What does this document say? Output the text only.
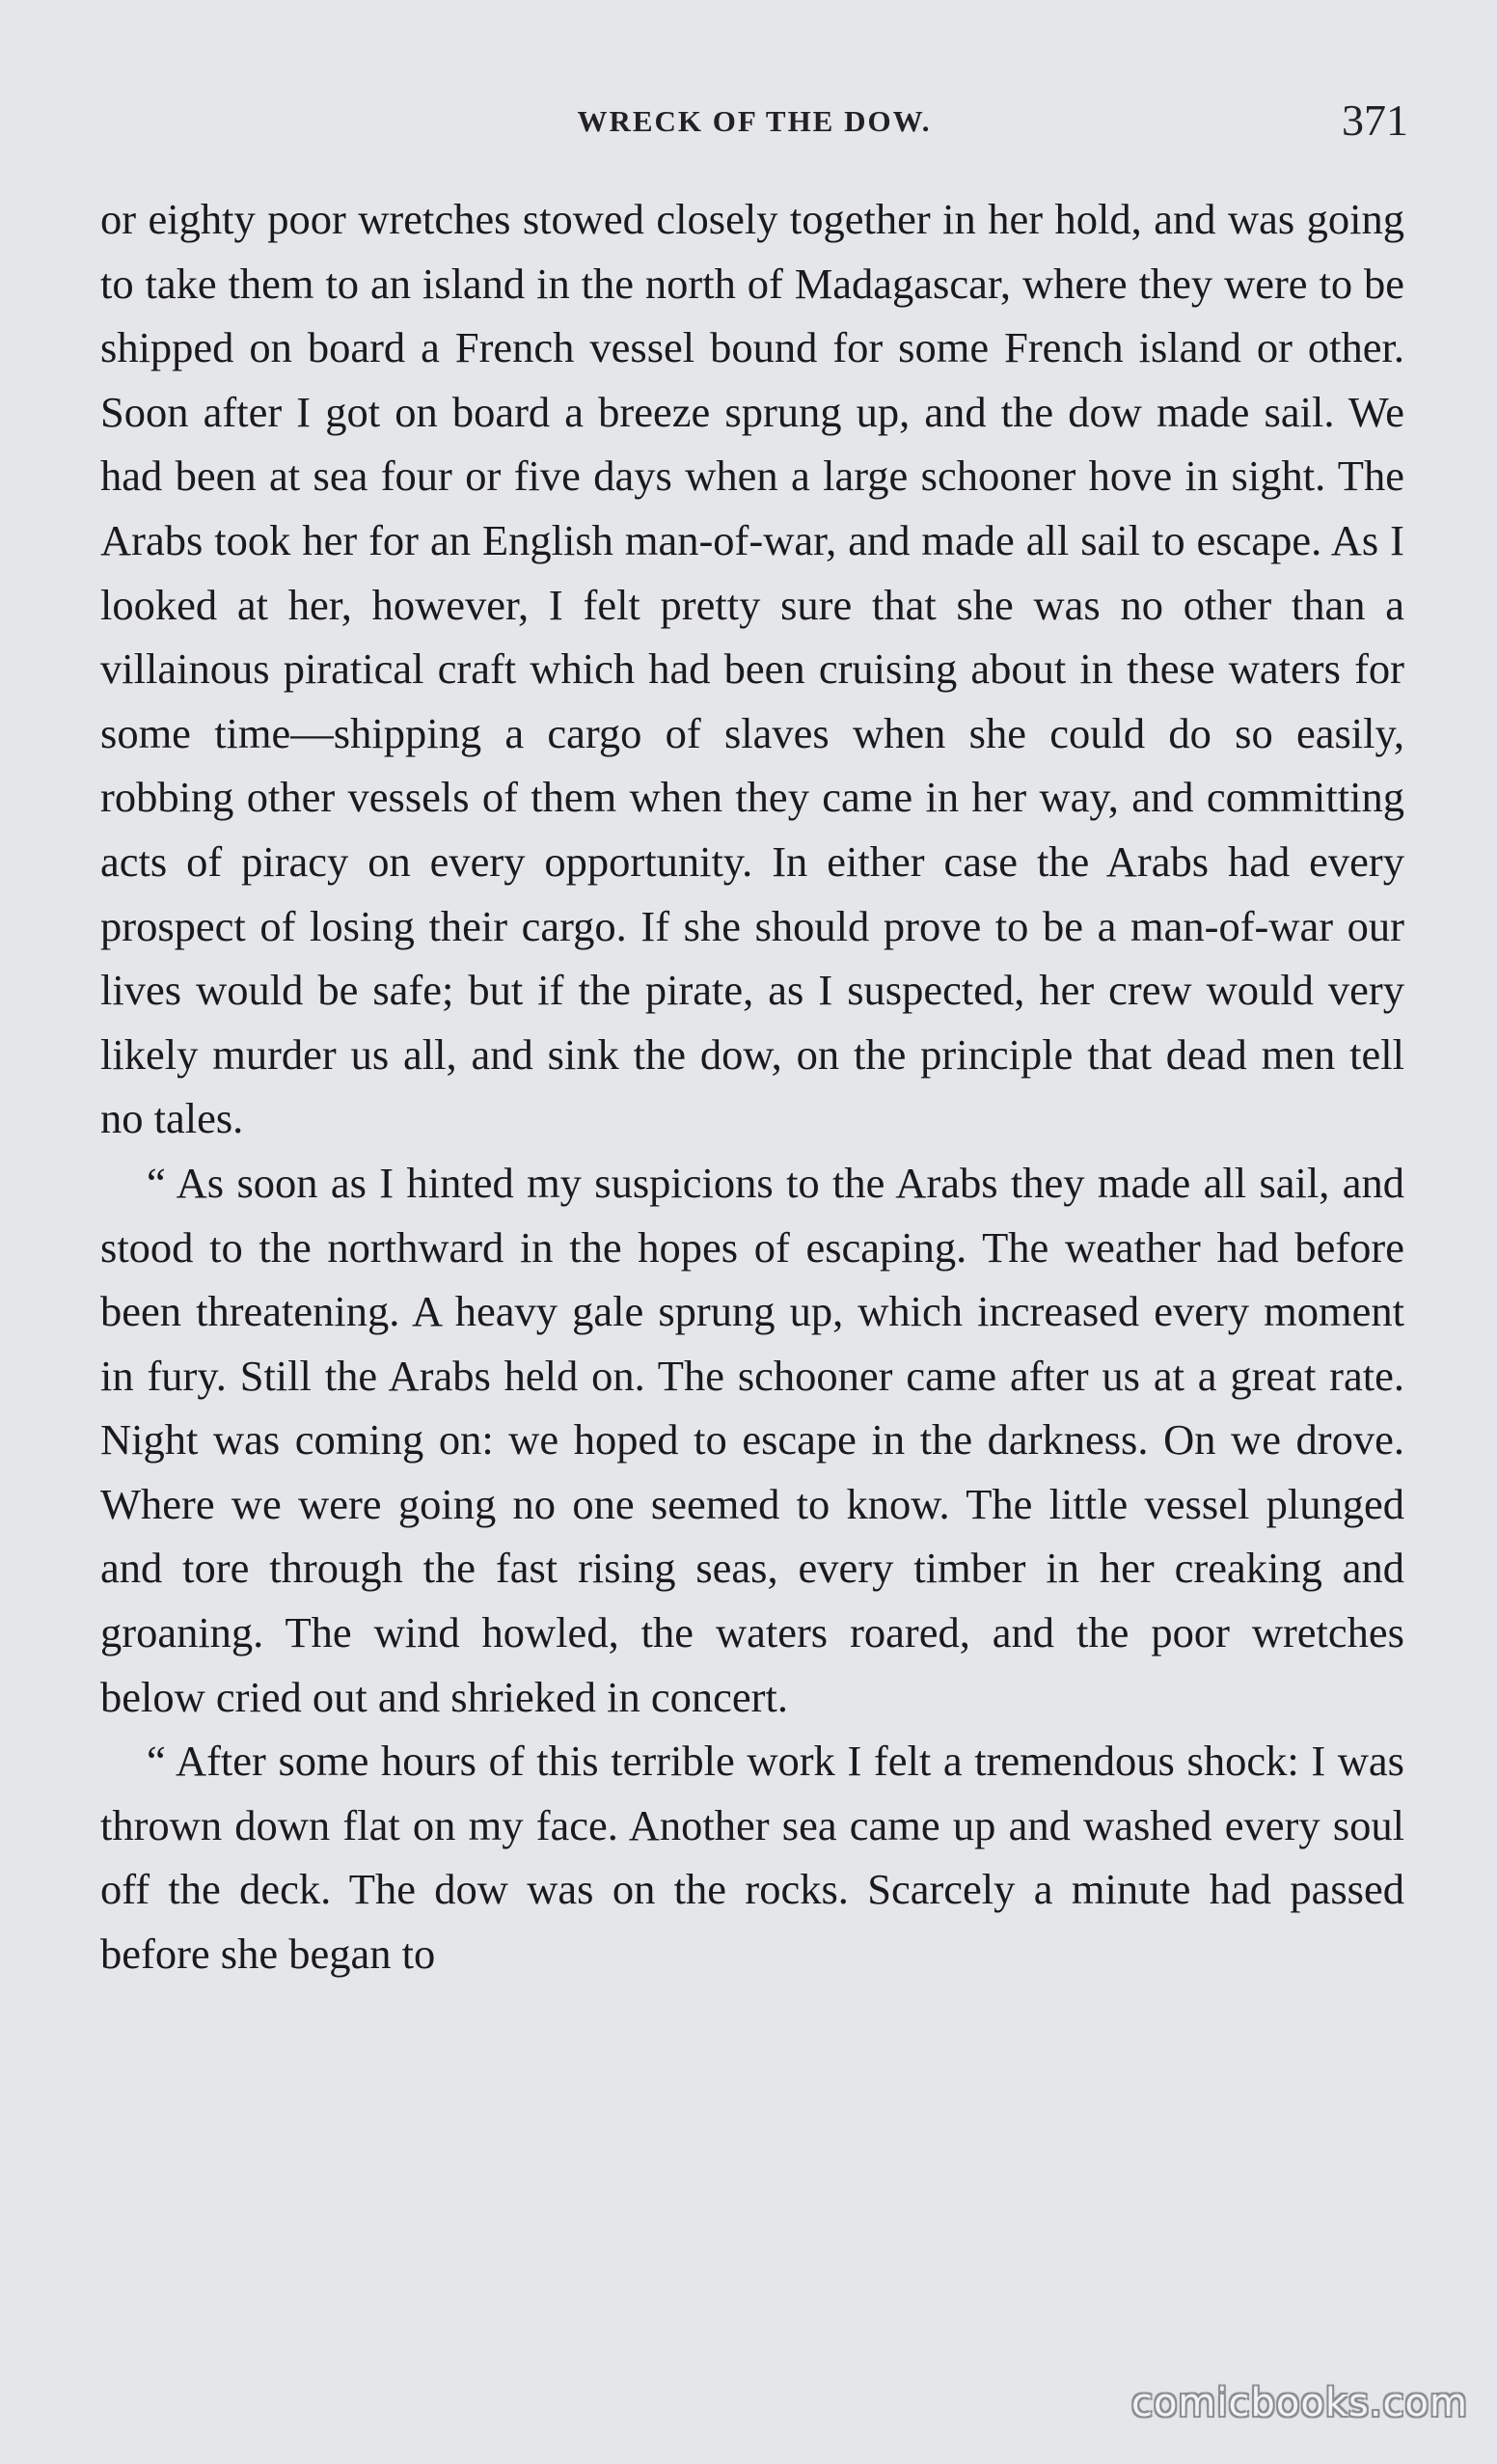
WRECK OF THE DOW.	371

or eighty poor wretches stowed closely together in her hold, and was going to take them to an island in the north of Madagascar, where they were to be shipped on board a French vessel bound for some French island or other. Soon after I got on board a breeze sprung up, and the dow made sail. We had been at sea four or five days when a large schooner hove in sight. The Arabs took her for an English man-of-war, and made all sail to escape. As I looked at her, however, I felt pretty sure that she was no other than a villainous piratical craft which had been cruising about in these waters for some time—shipping a cargo of slaves when she could do so easily, robbing other vessels of them when they came in her way, and committing acts of piracy on every opportunity. In either case the Arabs had every prospect of losing their cargo. If she should prove to be a man-of-war our lives would be safe; but if the pirate, as I suspected, her crew would very likely murder us all, and sink the dow, on the principle that dead men tell no tales.

“ As soon as I hinted my suspicions to the Arabs they made all sail, and stood to the northward in the hopes of escaping. The weather had before been threatening. A heavy gale sprung up, which increased every moment in fury. Still the Arabs held on. The schooner came after us at a great rate. Night was coming on: we hoped to escape in the darkness. On we drove. Where we were going no one seemed to know. The little vessel plunged and tore through the fast rising seas, every timber in her creaking and groaning. The wind howled, the waters roared, and the poor wretches below cried out and shrieked in concert.

“ After some hours of this terrible work I felt a tremendous shock: I was thrown down flat on my face. Another sea came up and washed every soul off the deck. The dow was on the rocks. Scarcely a minute had passed before she began to

comicbooks.com
